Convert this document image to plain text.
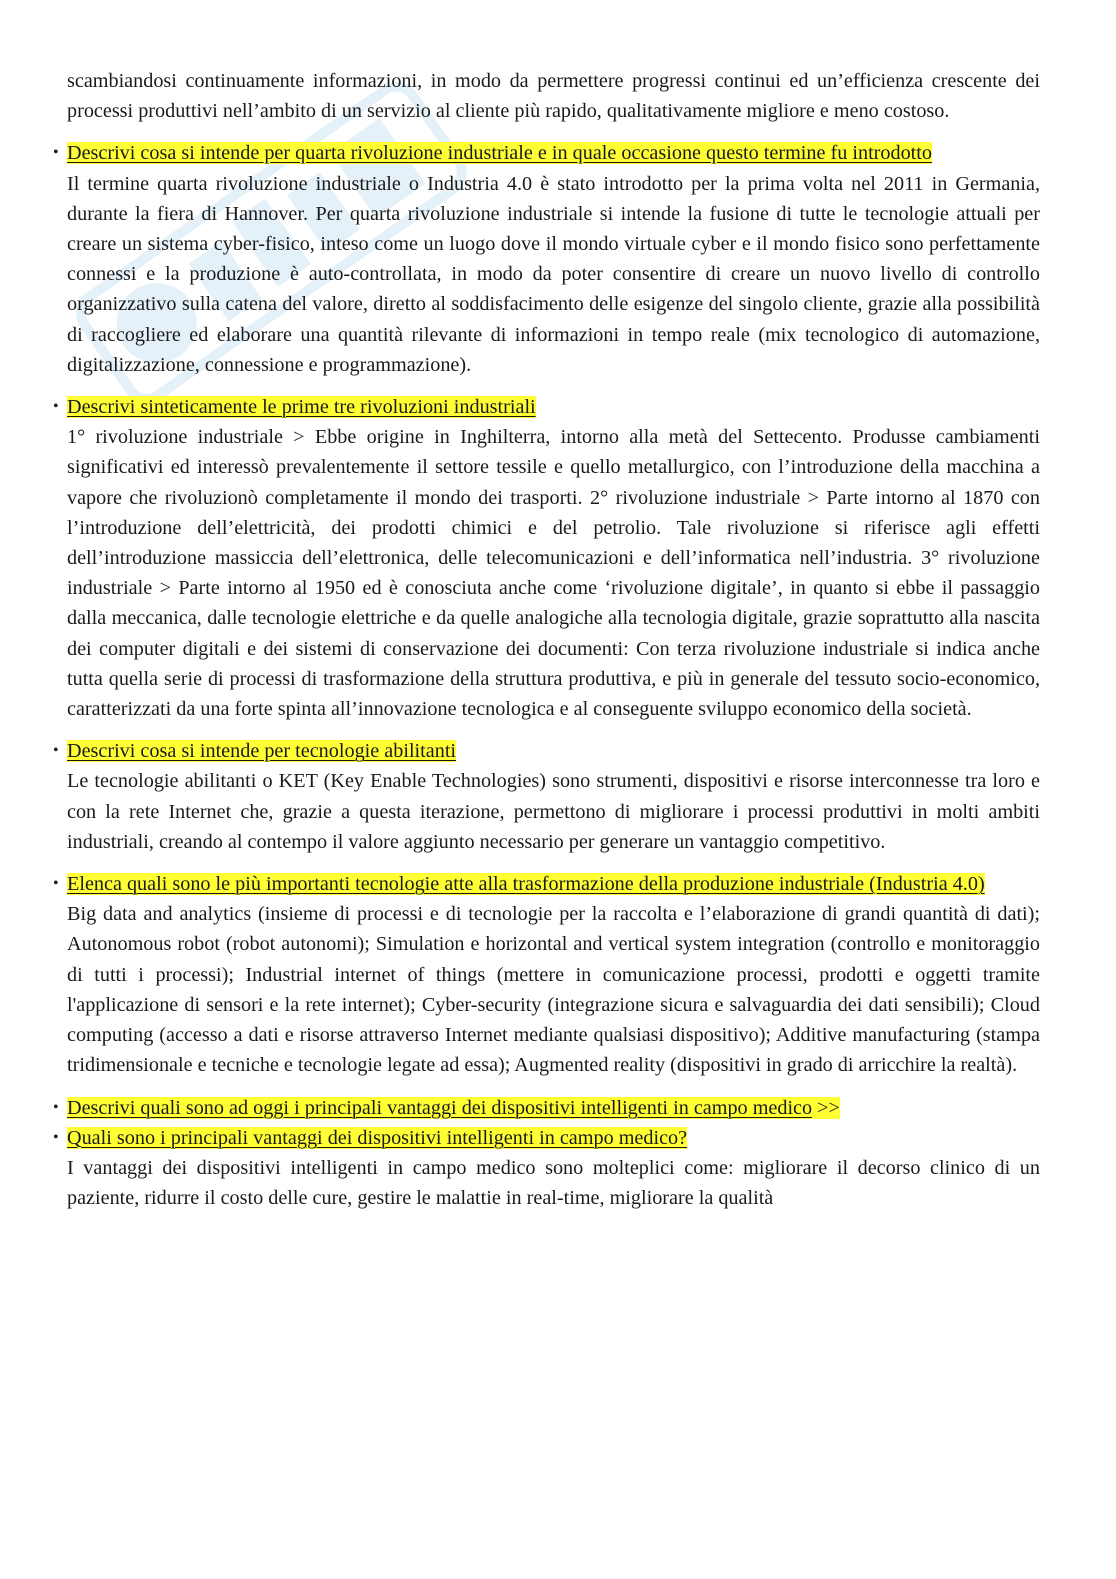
scambiandosi continuamente informazioni, in modo da permettere progressi continui ed un’efficienza crescente dei processi produttivi nell’ambito di un servizio al cliente più rapido, qualitativamente migliore e meno costoso.

• Descrivi cosa si intende per quarta rivoluzione industriale e in quale occasione questo termine fu introdotto

Il termine quarta rivoluzione industriale o Industria 4.0 è stato introdotto per la prima volta nel 2011 in Germania, durante la fiera di Hannover. Per quarta rivoluzione industriale si intende la fusione di tutte le tecnologie attuali per creare un sistema cyber-fisico, inteso come un luogo dove il mondo virtuale cyber e il mondo fisico sono perfettamente connessi e la produzione è auto-controllata, in modo da poter consentire di creare un nuovo livello di controllo organizzativo sulla catena del valore, diretto al soddisfacimento delle esigenze del singolo cliente, grazie alla possibilità di raccogliere ed elaborare una quantità rilevante di informazioni in tempo reale (mix tecnologico di automazione, digitalizzazione, connessione e programmazione).

• Descrivi sinteticamente le prime tre rivoluzioni industriali

1° rivoluzione industriale > Ebbe origine in Inghilterra, intorno alla metà del Settecento. Produsse cambiamenti significativi ed interessò prevalentemente il settore tessile e quello metallurgico, con l’introduzione della macchina a vapore che rivoluzionò completamente il mondo dei trasporti. 2° rivoluzione industriale > Parte intorno al 1870 con l’introduzione dell’elettricità, dei prodotti chimici e del petrolio. Tale rivoluzione si riferisce agli effetti dell’introduzione massiccia dell’elettronica, delle telecomunicazioni e dell’informatica nell’industria. 3° rivoluzione industriale > Parte intorno al 1950 ed è conosciuta anche come ‘rivoluzione digitale’, in quanto si ebbe il passaggio dalla meccanica, dalle tecnologie elettriche e da quelle analogiche alla tecnologia digitale, grazie soprattutto alla nascita dei computer digitali e dei sistemi di conservazione dei documenti: Con terza rivoluzione industriale si indica anche tutta quella serie di processi di trasformazione della struttura produttiva, e più in generale del tessuto socio-economico, caratterizzati da una forte spinta all’innovazione tecnologica e al conseguente sviluppo economico della società.

• Descrivi cosa si intende per tecnologie abilitanti

Le tecnologie abilitanti o KET (Key Enable Technologies) sono strumenti, dispositivi e risorse interconnesse tra loro e con la rete Internet che, grazie a questa iterazione, permettono di migliorare i processi produttivi in molti ambiti industriali, creando al contempo il valore aggiunto necessario per generare un vantaggio competitivo.

• Elenca quali sono le più importanti tecnologie atte alla trasformazione della produzione industriale (Industria 4.0)

Big data and analytics (insieme di processi e di tecnologie per la raccolta e l’elaborazione di grandi quantità di dati); Autonomous robot (robot autonomi); Simulation e horizontal and vertical system integration (controllo e monitoraggio di tutti i processi); Industrial internet of things (mettere in comunicazione processi, prodotti e oggetti tramite l'applicazione di sensori e la rete internet); Cyber-security (integrazione sicura e salvaguardia dei dati sensibili); Cloud computing (accesso a dati e risorse attraverso Internet mediante qualsiasi dispositivo); Additive manufacturing (stampa tridimensionale e tecniche e tecnologie legate ad essa); Augmented reality (dispositivi in grado di arricchire la realtà).

• Descrivi quali sono ad oggi i principali vantaggi dei dispositivi intelligenti in campo medico >>
• Quali sono i principali vantaggi dei dispositivi intelligenti in campo medico?

I vantaggi dei dispositivi intelligenti in campo medico sono molteplici come: migliorare il decorso clinico di un paziente, ridurre il costo delle cure, gestire le malattie in real-time, migliorare la qualità
